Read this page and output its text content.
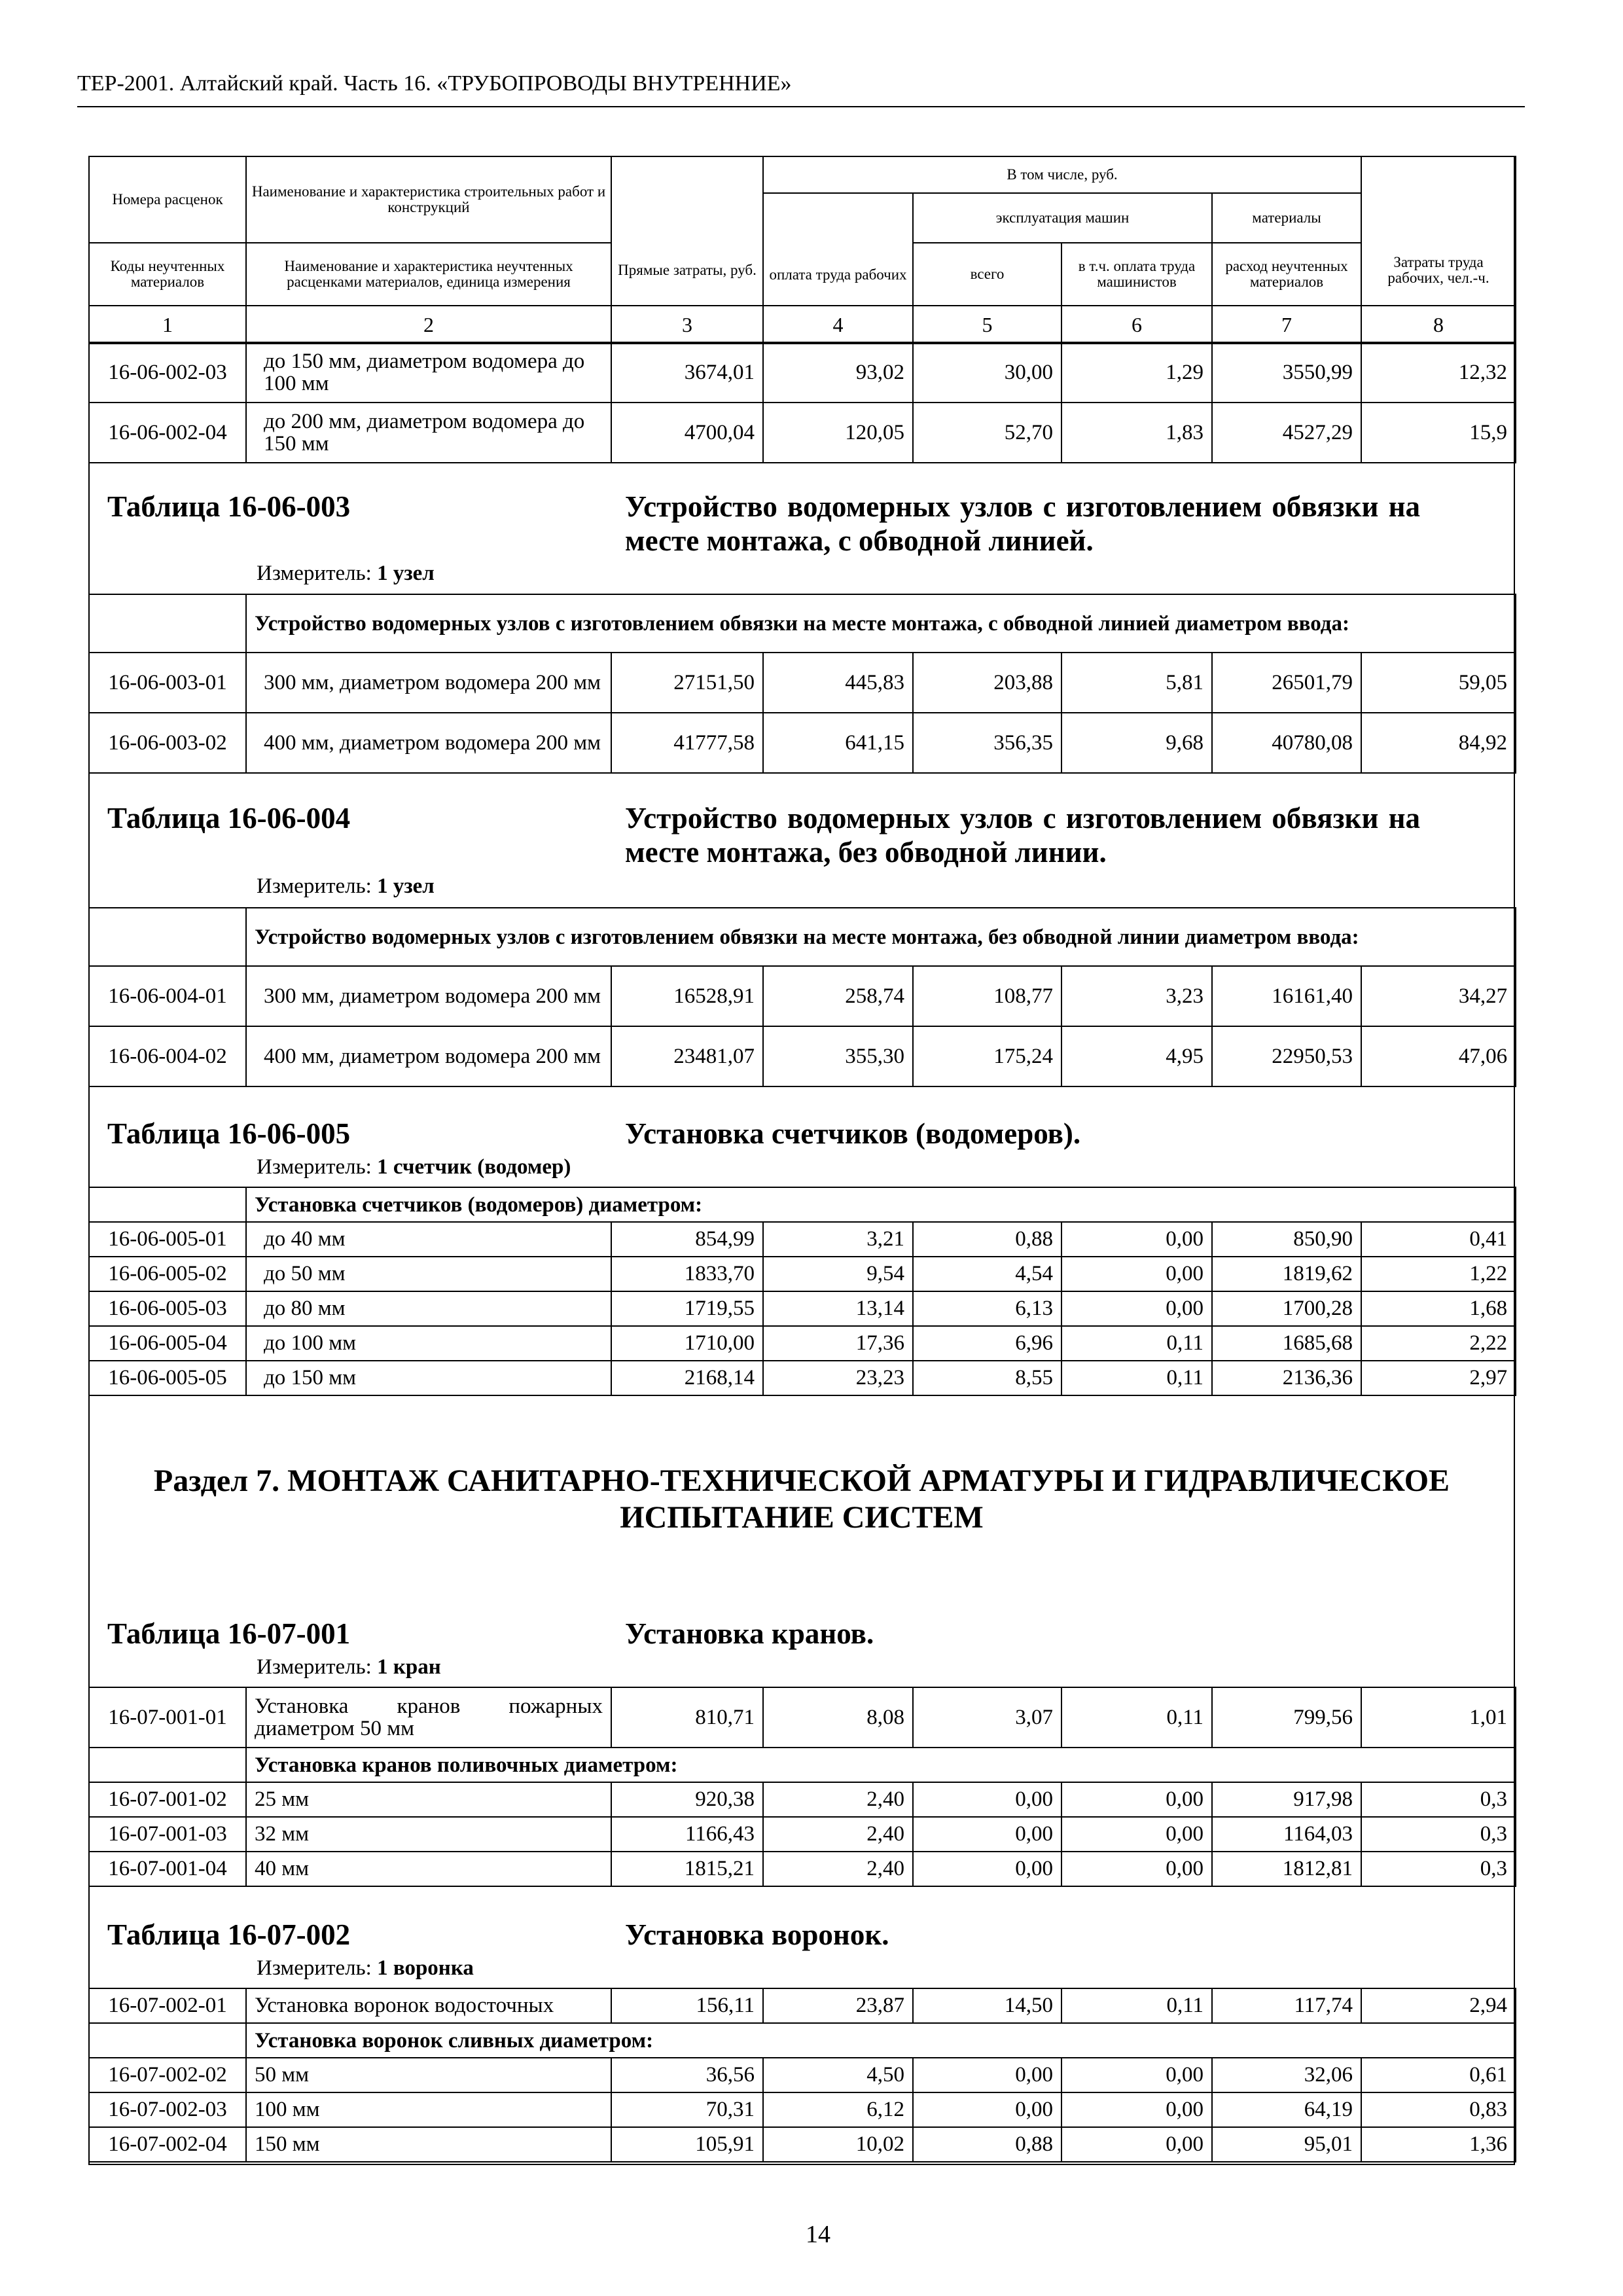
ТЕР-2001. Алтайский край. Часть 16. «ТРУБОПРОВОДЫ ВНУТРЕННИЕ»
Номера расценок	Наименование и характеристика строительных работ и конструкций	Прямые затраты, руб.	В том числе, руб.				Затраты труда рабочих, чел.-ч.

			оплата труда рабочих	эксплуатация машин		материалы	
Коды неучтенных материалов	Наименование и характеристика неучтенных расценками материалов, единица измерения			всего	в т.ч. оплата труда машинистов	расход неучтенных материалов	
1	2	3	4	5	6	7	8
16-06-002-03	до 150 мм, диаметром водомера до 100 мм	3674,01	93,02	30,00	1,29	3550,99	12,32
16-06-002-04	до 200 мм, диаметром водомера до 150 мм	4700,04	120,05	52,70	1,83	4527,29	15,9
Таблица 16-06-003	Устройство водомерных узлов с изготовлением обвязки на месте монтажа, с обводной линией.
Измеритель: 1 узел
	Устройство водомерных узлов с изготовлением обвязки на месте монтажа, с обводной линией диаметром ввода:						
16-06-003-01	300 мм, диаметром водомера 200 мм	27151,50	445,83	203,88	5,81	26501,79	59,05
16-06-003-02	400 мм, диаметром водомера 200 мм	41777,58	641,15	356,35	9,68	40780,08	84,92
Таблица 16-06-004	Устройство водомерных узлов с изготовлением обвязки на месте монтажа, без обводной линии.
Измеритель: 1 узел
	Устройство водомерных узлов с изготовлением обвязки на месте монтажа, без обводной линии диаметром ввода:						
16-06-004-01	300 мм, диаметром водомера 200 мм	16528,91	258,74	108,77	3,23	16161,40	34,27
16-06-004-02	400 мм, диаметром водомера 200 мм	23481,07	355,30	175,24	4,95	22950,53	47,06
Таблица 16-06-005	Установка счетчиков (водомеров).
Измеритель: 1 счетчик (водомер)
	Установка счетчиков (водомеров) диаметром:						
16-06-005-01	до 40 мм	854,99	3,21	0,88	0,00	850,90	0,41
16-06-005-02	до 50 мм	1833,70	9,54	4,54	0,00	1819,62	1,22
16-06-005-03	до 80 мм	1719,55	13,14	6,13	0,00	1700,28	1,68
16-06-005-04	до 100 мм	1710,00	17,36	6,96	0,11	1685,68	2,22
16-06-005-05	до 150 мм	2168,14	23,23	8,55	0,11	2136,36	2,97
Раздел 7. МОНТАЖ САНИТАРНО-ТЕХНИЧЕСКОЙ АРМАТУРЫ И ГИДРАВЛИЧЕСКОЕ
ИСПЫТАНИЕ СИСТЕМ
Таблица 16-07-001	Установка кранов.
Измеритель: 1 кран
16-07-001-01	Установка кранов пожарных диаметром 50 мм	810,71	8,08	3,07	0,11	799,56	1,01
	Установка кранов поливочных диаметром:						
16-07-001-02	25 мм	920,38	2,40	0,00	0,00	917,98	0,3
16-07-001-03	32 мм	1166,43	2,40	0,00	0,00	1164,03	0,3
16-07-001-04	40 мм	1815,21	2,40	0,00	0,00	1812,81	0,3
Таблица 16-07-002	Установка воронок.
Измеритель: 1 воронка
16-07-002-01	Установка воронок водосточных	156,11	23,87	14,50	0,11	117,74	2,94
	Установка воронок сливных диаметром:						
16-07-002-02	50 мм	36,56	4,50	0,00	0,00	32,06	0,61
16-07-002-03	100 мм	70,31	6,12	0,00	0,00	64,19	0,83
16-07-002-04	150 мм	105,91	10,02	0,88	0,00	95,01	1,36
14
